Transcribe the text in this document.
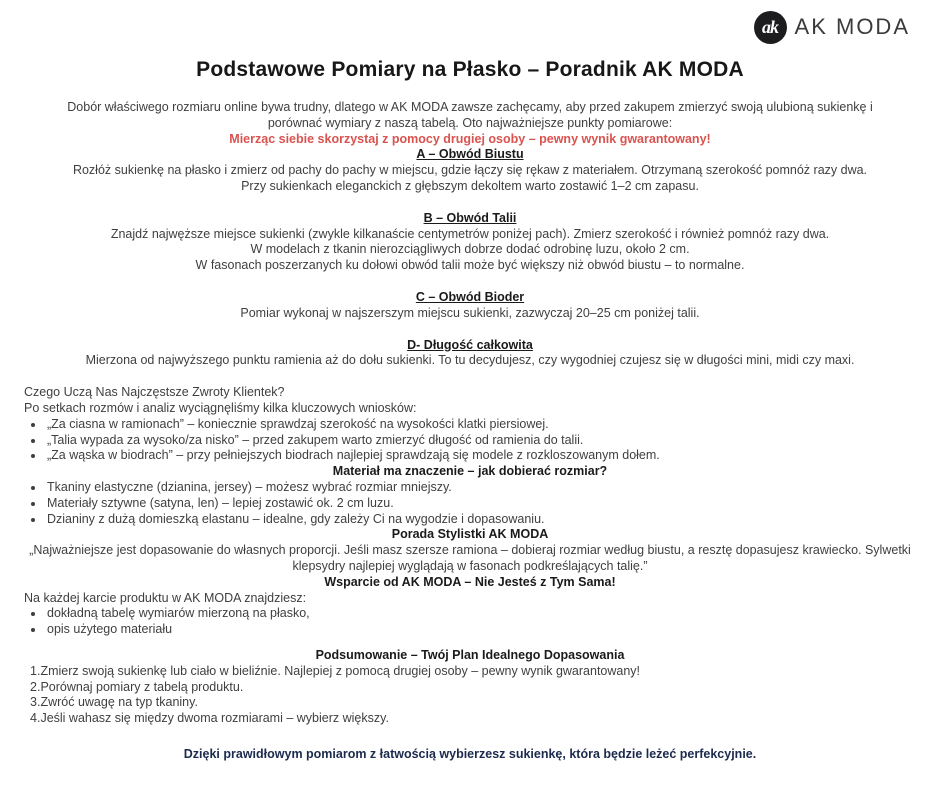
ak AK MODA
Podstawowe Pomiary na Płasko – Poradnik AK MODA

Dobór właściwego rozmiaru online bywa trudny, dlatego w AK MODA zawsze zachęcamy, aby przed zakupem zmierzyć swoją ulubioną sukienkę i porównać wymiary z naszą tabelą. Oto najważniejsze punkty pomiarowe:

Mierząc siebie skorzystaj z pomocy drugiej osoby – pewny wynik gwarantowany!

A – Obwód Biustu

Rozłóż sukienkę na płasko i zmierz od pachy do pachy w miejscu, gdzie łączy się rękaw z materiałem. Otrzymaną szerokość pomnóż razy dwa.

Przy sukienkach eleganckich z głębszym dekoltem warto zostawić 1–2 cm zapasu.

B – Obwód Talii

Znajdź najwęższe miejsce sukienki (zwykle kilkanaście centymetrów poniżej pach). Zmierz szerokość i również pomnóż razy dwa.

W modelach z tkanin nierozciągliwych dobrze dodać odrobinę luzu, około 2 cm.

W fasonach poszerzanych ku dołowi obwód talii może być większy niż obwód biustu – to normalne.

C – Obwód Bioder

Pomiar wykonaj w najszerszym miejscu sukienki, zazwyczaj 20–25 cm poniżej talii.

D- Długość całkowita

Mierzona od najwyższego punktu ramienia aż do dołu sukienki. To tu decydujesz, czy wygodniej czujesz się w długości mini, midi czy maxi.

Czego Uczą Nas Najczęstsze Zwroty Klientek?

Po setkach rozmów i analiz wyciągnęliśmy kilka kluczowych wniosków:

• „Za ciasna w ramionach” – koniecznie sprawdzaj szerokość na wysokości klatki piersiowej.
• „Talia wypada za wysoko/za nisko” – przed zakupem warto zmierzyć długość od ramienia do talii.
• „Za wąska w biodrach” – przy pełniejszych biodrach najlepiej sprawdzają się modele z rozkloszowanym dołem.

Materiał ma znaczenie – jak dobierać rozmiar?

• Tkaniny elastyczne (dzianina, jersey) – możesz wybrać rozmiar mniejszy.
• Materiały sztywne (satyna, len) – lepiej zostawić ok. 2 cm luzu.
• Dzianiny z dużą domieszką elastanu – idealne, gdy zależy Ci na wygodzie i dopasowaniu.

Porada Stylistki AK MODA

„Najważniejsze jest dopasowanie do własnych proporcji. Jeśli masz szersze ramiona – dobieraj rozmiar według biustu, a resztę dopasujesz krawiecko. Sylwetki klepsydry najlepiej wyglądają w fasonach podkreślających talię.”

Wsparcie od AK MODA – Nie Jesteś z Tym Sama!

Na każdej karcie produktu w AK MODA znajdziesz:

• dokładną tabelę wymiarów mierzoną na płasko,
• opis użytego materiału

Podsumowanie – Twój Plan Idealnego Dopasowania

Zmierz swoją sukienkę lub ciało w bieliźnie. Najlepiej z pomocą drugiej osoby – pewny wynik gwarantowany!
Porównaj pomiary z tabelą produktu.
Zwróć uwagę na typ tkaniny.
Jeśli wahasz się między dwoma rozmiarami – wybierz większy.

Dzięki prawidłowym pomiarom z łatwością wybierzesz sukienkę, która będzie leżeć perfekcyjnie.
